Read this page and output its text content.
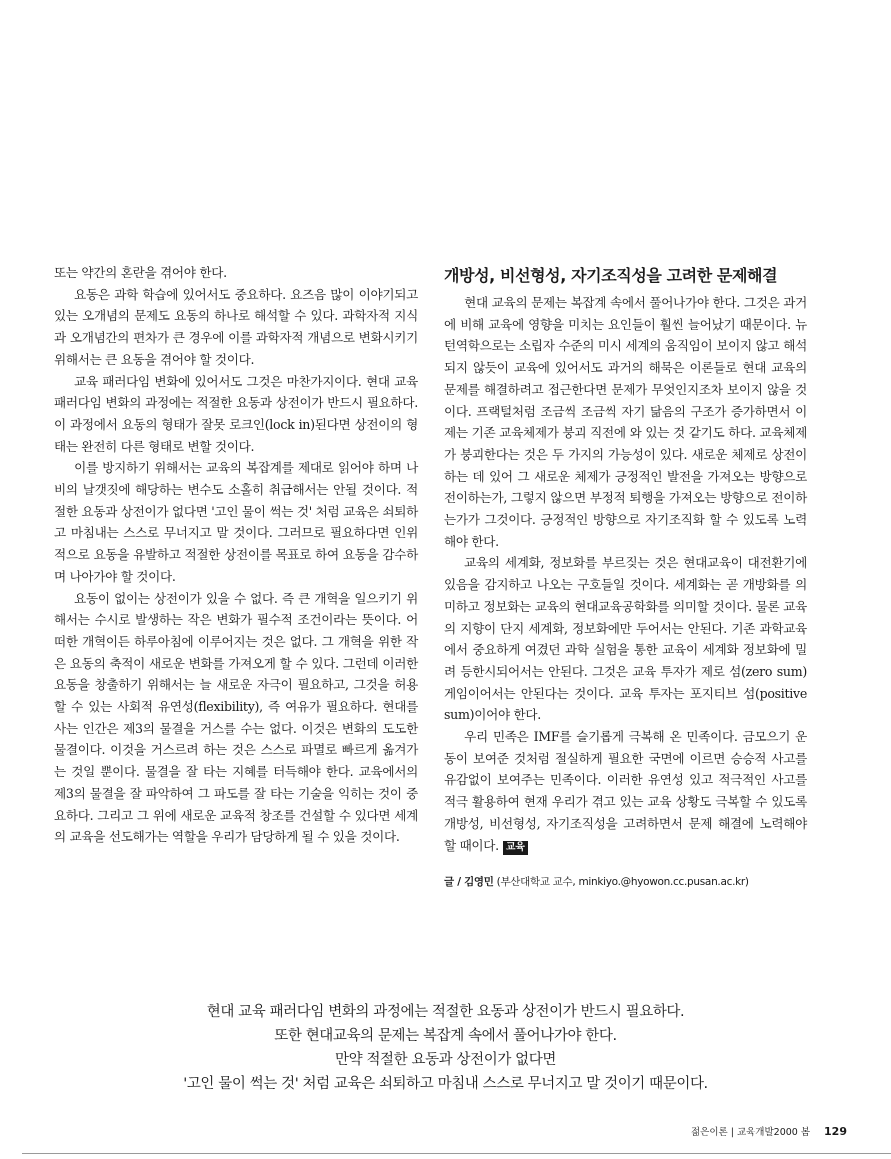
또는 약간의 혼란을 겪어야 한다.

요동은 과학 학습에 있어서도 중요하다. 요즈음 많이 이야기되고 있는 오개념의 문제도 요동의 하나로 해석할 수 있다. 과학자적 지식과 오개념간의 편차가 큰 경우에 이를 과학자적 개념으로 변화시키기 위해서는 큰 요동을 겪어야 할 것이다.

교육 패러다임 변화에 있어서도 그것은 마찬가지이다. 현대 교육 패러다임 변화의 과정에는 적절한 요동과 상전이가 반드시 필요하다. 이 과정에서 요동의 형태가 잘못 로크인(lock in)된다면 상전이의 형태는 완전히 다른 형태로 변할 것이다.

이를 방지하기 위해서는 교육의 복잡계를 제대로 읽어야 하며 나비의 날갯짓에 해당하는 변수도 소홀히 취급해서는 안될 것이다. 적절한 요동과 상전이가 없다면 '고인 물이 썩는 것' 처럼 교육은 쇠퇴하고 마침내는 스스로 무너지고 말 것이다. 그러므로 필요하다면 인위적으로 요동을 유발하고 적절한 상전이를 목표로 하여 요동을 감수하며 나아가야 할 것이다.

요동이 없이는 상전이가 있을 수 없다. 즉 큰 개혁을 일으키기 위해서는 수시로 발생하는 작은 변화가 필수적 조건이라는 뜻이다. 어떠한 개혁이든 하루아침에 이루어지는 것은 없다. 그 개혁을 위한 작은 요동의 축적이 새로운 변화를 가져오게 할 수 있다. 그런데 이러한 요동을 창출하기 위해서는 늘 새로운 자극이 필요하고, 그것을 허용할 수 있는 사회적 유연성(flexibility), 즉 여유가 필요하다. 현대를 사는 인간은 제3의 물결을 거스를 수는 없다. 이것은 변화의 도도한 물결이다. 이것을 거스르려 하는 것은 스스로 파멸로 빠르게 옮겨가는 것일 뿐이다. 물결을 잘 타는 지혜를 터득해야 한다. 교육에서의 제3의 물결을 잘 파악하여 그 파도를 잘 타는 기술을 익히는 것이 중요하다. 그리고 그 위에 새로운 교육적 창조를 건설할 수 있다면 세계의 교육을 선도해가는 역할을 우리가 담당하게 될 수 있을 것이다.

개방성, 비선형성, 자기조직성을 고려한 문제해결

현대 교육의 문제는 복잡계 속에서 풀어나가야 한다. 그것은 과거에 비해 교육에 영향을 미치는 요인들이 훨씬 늘어났기 때문이다. 뉴턴역학으로는 소립자 수준의 미시 세계의 움직임이 보이지 않고 해석되지 않듯이 교육에 있어서도 과거의 해묵은 이론들로 현대 교육의 문제를 해결하려고 접근한다면 문제가 무엇인지조차 보이지 않을 것이다. 프랙털처럼 조금씩 조금씩 자기 닮음의 구조가 증가하면서 이제는 기존 교육체제가 붕괴 직전에 와 있는 것 같기도 하다. 교육체제가 붕괴한다는 것은 두 가지의 가능성이 있다. 새로운 체제로 상전이 하는 데 있어 그 새로운 체제가 긍정적인 발전을 가져오는 방향으로 전이하는가, 그렇지 않으면 부정적 퇴행을 가져오는 방향으로 전이하는가가 그것이다. 긍정적인 방향으로 자기조직화 할 수 있도록 노력해야 한다.

교육의 세계화, 정보화를 부르짖는 것은 현대교육이 대전환기에 있음을 감지하고 나오는 구호들일 것이다. 세계화는 곧 개방화를 의미하고 정보화는 교육의 현대교육공학화를 의미할 것이다. 물론 교육의 지향이 단지 세계화, 정보화에만 두어서는 안된다. 기존 과학교육에서 중요하게 여겼던 과학 실험을 통한 교육이 세계화 정보화에 밀려 등한시되어서는 안된다. 그것은 교육 투자가 제로 섬(zero sum) 게임이어서는 안된다는 것이다. 교육 투자는 포지티브 섬(positive sum)이어야 한다.

우리 민족은 IMF를 슬기롭게 극복해 온 민족이다. 금모으기 운동이 보여준 것처럼 절실하게 필요한 국면에 이르면 승승적 사고를 유감없이 보여주는 민족이다. 이러한 유연성 있고 적극적인 사고를 적극 활용하여 현재 우리가 겪고 있는 교육 상황도 극복할 수 있도록 개방성, 비선형성, 자기조직성을 고려하면서 문제 해결에 노력해야 할 때이다. 교육

글 / 김영민 (부산대학교 교수, minkiyo.@hyowon.cc.pusan.ac.kr)
현대 교육 패러다임 변화의 과정에는 적절한 요동과 상전이가 반드시 필요하다.
또한 현대교육의 문제는 복잡계 속에서 풀어나가야 한다.
만약 적절한 요동과 상전이가 없다면
'고인 물이 썩는 것' 처럼 교육은 쇠퇴하고 마침내 스스로 무너지고 말 것이기 때문이다.
젊은이론 | 교육개발2000 봄 129
